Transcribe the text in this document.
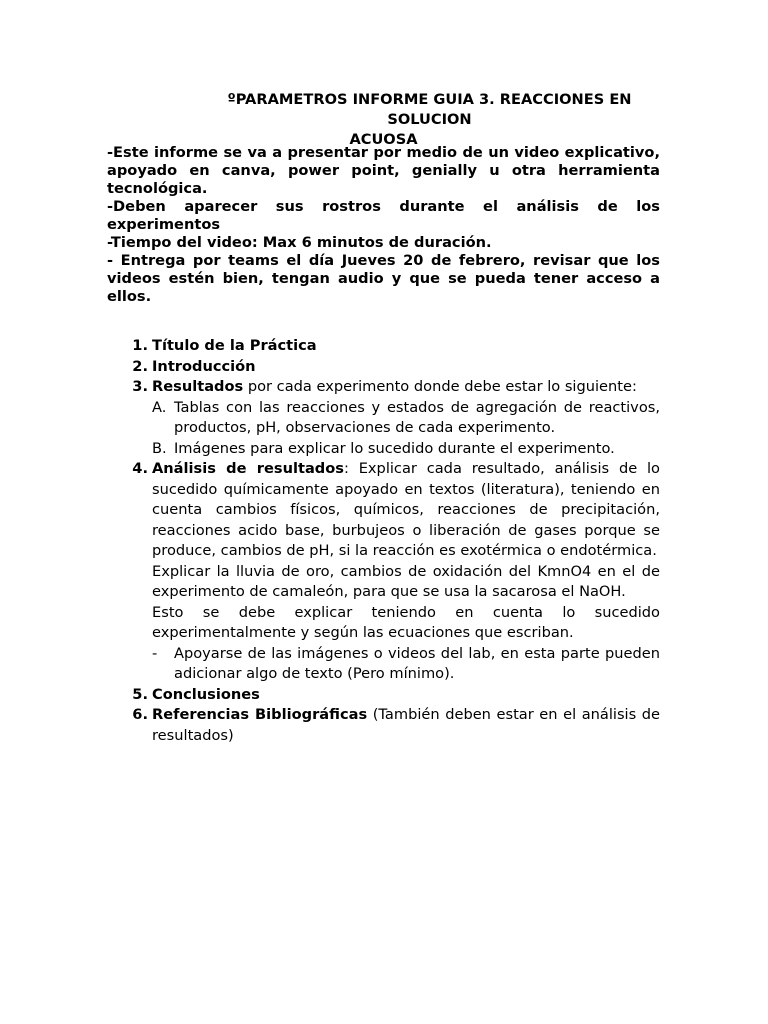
ºPARAMETROS INFORME GUIA 3. REACCIONES EN SOLUCION
ACUOSA

-Este informe se va a presentar por medio de un video explicativo, apoyado en canva, power point, genially u otra herramienta tecnológica.

-Deben aparecer sus rostros durante el análisis de los experimentos

-Tiempo del video: Max 6 minutos de duración.

- Entrega por teams el día Jueves 20 de febrero, revisar que los videos estén bien, tengan audio y que se pueda tener acceso a ellos.

1. Título de la Práctica
2. Introducción
3. Resultados por cada experimento donde debe estar lo siguiente:
A. Tablas con las reacciones y estados de agregación de reactivos, productos, pH, observaciones de cada experimento.
B. Imágenes para explicar lo sucedido durante el experimento.
4. Análisis de resultados: Explicar cada resultado, análisis de lo sucedido químicamente apoyado en textos (literatura), teniendo en cuenta cambios físicos, químicos, reacciones de precipitación, reacciones acido base, burbujeos o liberación de gases porque se produce, cambios de pH, si la reacción es exotérmica o endotérmica.
Explicar la lluvia de oro, cambios de oxidación del KmnO4 en el de experimento de camaleón, para que se usa la sacarosa el NaOH.
Esto se debe explicar teniendo en cuenta lo sucedido experimentalmente y según las ecuaciones que escriban.
-	Apoyarse de las imágenes o videos del lab, en esta parte pueden adicionar algo de texto (Pero mínimo).
5. Conclusiones
6. Referencias Bibliográficas (También deben estar en el análisis de resultados)
